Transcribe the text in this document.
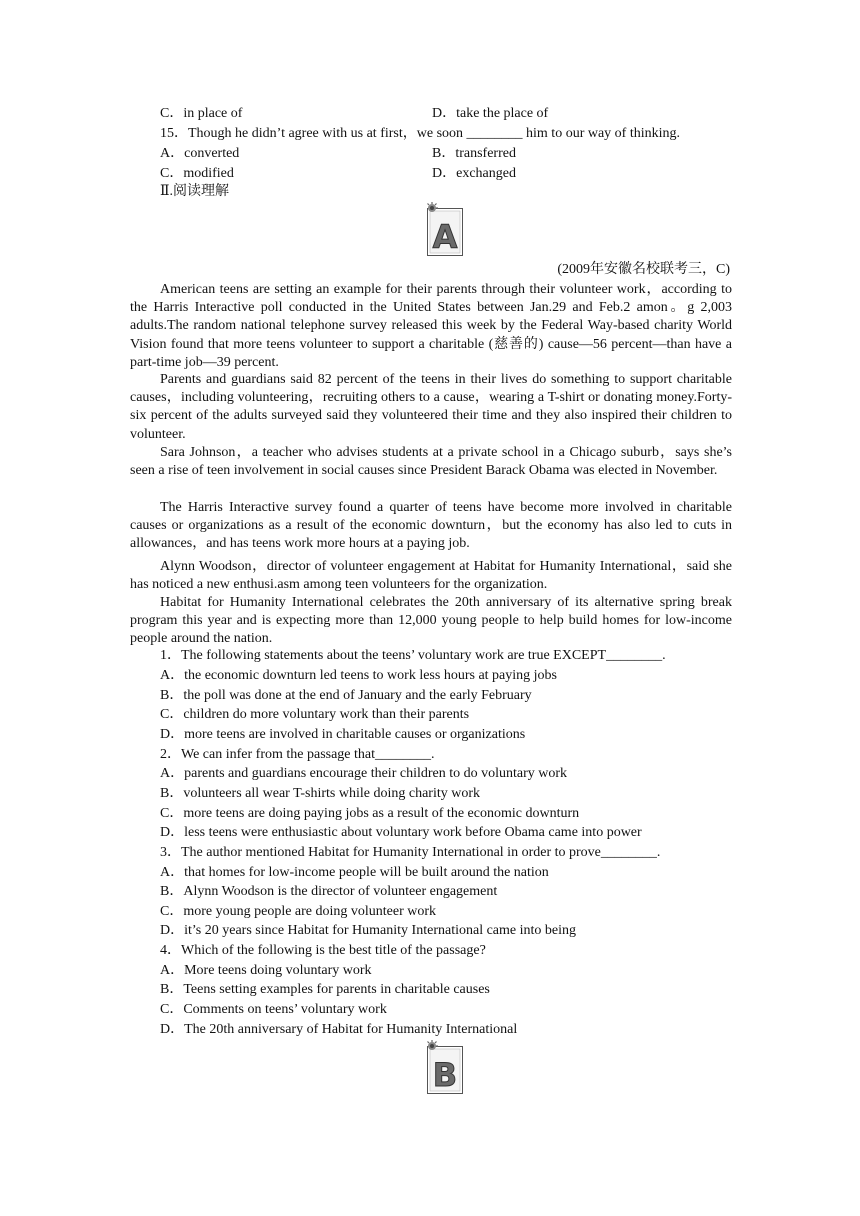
C．in place of	D．take the place of
15．Though he didn’t agree with us at first，we soon ________ him to our way of thinking.
A．converted	B．transferred
C．modified	D．exchanged
Ⅱ.阅读理解
A
(2009年安徽名校联考三，C)
American teens are setting an example for their parents through their volunteer work，according to the Harris Interactive poll conducted in the United States between Jan.29 and Feb.2 amon。g 2,003 adults.The random national telephone survey released this week by the Federal Way-based charity World Vision found that more teens volunteer to support a charitable (慈善的) cause—56 percent—than have a part-time job—39 percent.
Parents and guardians said 82 percent of the teens in their lives do something to support charitable causes，including volunteering，recruiting others to a cause，wearing a T-shirt or donating money.Forty-six percent of the adults surveyed said they volunteered their time and they also inspired their children to volunteer.
Sara Johnson，a teacher who advises students at a private school in a Chicago suburb，says she’s seen a rise of teen involvement in social causes since President Barack Obama was elected in November.
The Harris Interactive survey found a quarter of teens have become more involved in charitable causes or organizations as a result of the economic downturn，but the economy has also led to cuts in allowances，and has teens work more hours at a paying job.
Alynn Woodson，director of volunteer engagement at Habitat for Humanity International，said she has noticed a new enthusi.asm among teen volunteers for the organization.
Habitat for Humanity International celebrates the 20th anniversary of its alternative spring break program this year and is expecting more than 12,000 young people to help build homes for low-income people around the nation.
1．The following statements about the teens’ voluntary work are true EXCEPT________.
A．the economic downturn led teens to work less hours at paying jobs
B．the poll was done at the end of January and the early February
C．children do more voluntary work than their parents
D．more teens are involved in charitable causes or organizations
2．We can infer from the passage that________.
A．parents and guardians encourage their children to do voluntary work
B．volunteers all wear T-shirts while doing charity work
C．more teens are doing paying jobs as a result of the economic downturn
D．less teens were enthusiastic about voluntary work before Obama came into power
3．The author mentioned Habitat for Humanity International in order to prove________.
A．that homes for low-income people will be built around the nation
B．Alynn Woodson is the director of volunteer engagement
C．more young people are doing volunteer work
D．it’s 20 years since Habitat for Humanity International came into being
4．Which of the following is the best title of the passage?
A．More teens doing voluntary work
B．Teens setting examples for parents in charitable causes
C．Comments on teens’ voluntary work
D．The 20th anniversary of Habitat for Humanity International
B
